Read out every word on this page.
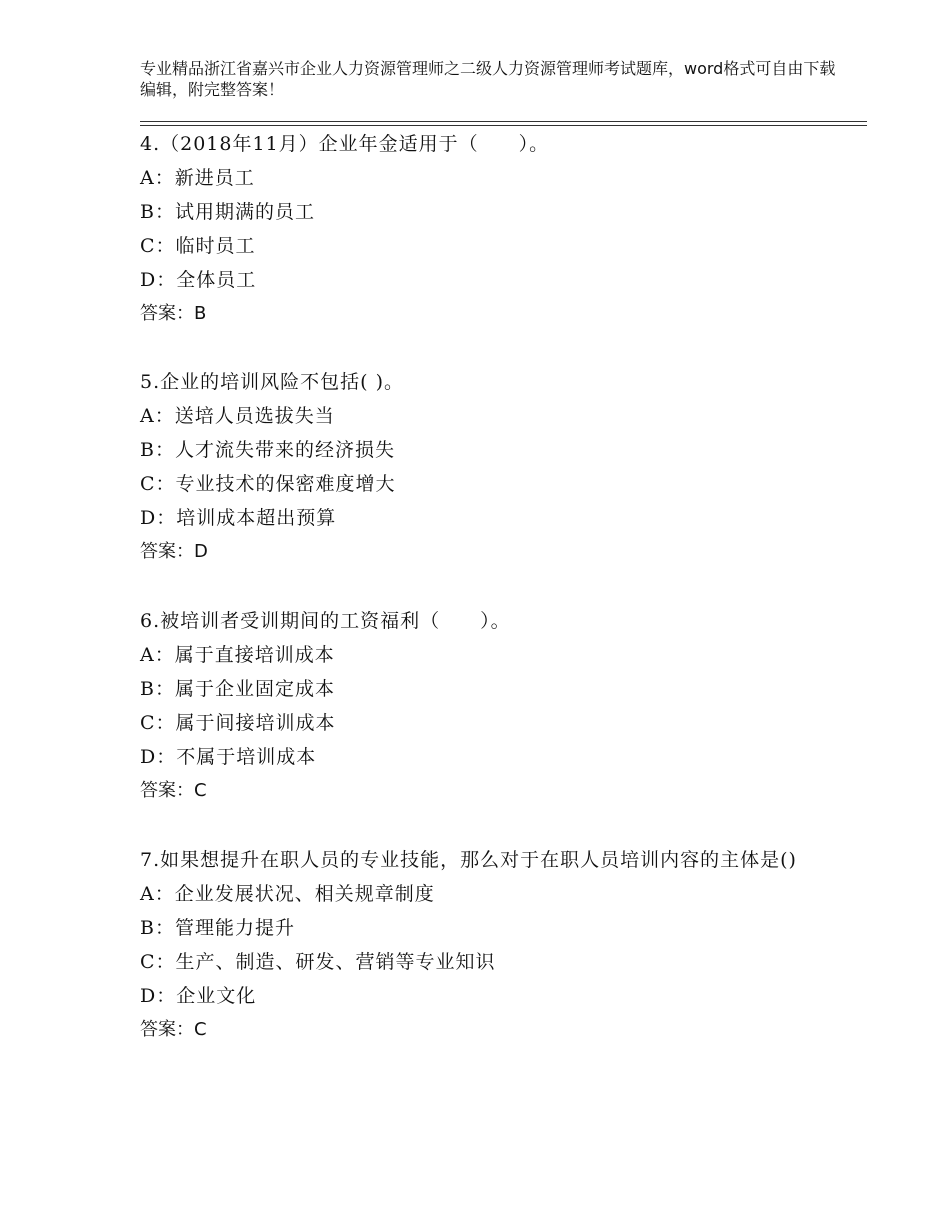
专业精品浙江省嘉兴市企业人力资源管理师之二级人力资源管理师考试题库，word格式可自由下载编辑，附完整答案！
4.（2018年11月）企业年金适用于（　　）。
A：新进员工
B：试用期满的员工
C：临时员工
D：全体员工
答案：B
5.企业的培训风险不包括( )。
A：送培人员选拔失当
B：人才流失带来的经济损失
C：专业技术的保密难度增大
D：培训成本超出预算
答案：D
6.被培训者受训期间的工资福利（　　）。
A：属于直接培训成本
B：属于企业固定成本
C：属于间接培训成本
D：不属于培训成本
答案：C
7.如果想提升在职人员的专业技能，那么对于在职人员培训内容的主体是()
A：企业发展状况、相关规章制度
B：管理能力提升
C：生产、制造、研发、营销等专业知识
D：企业文化
答案：C
